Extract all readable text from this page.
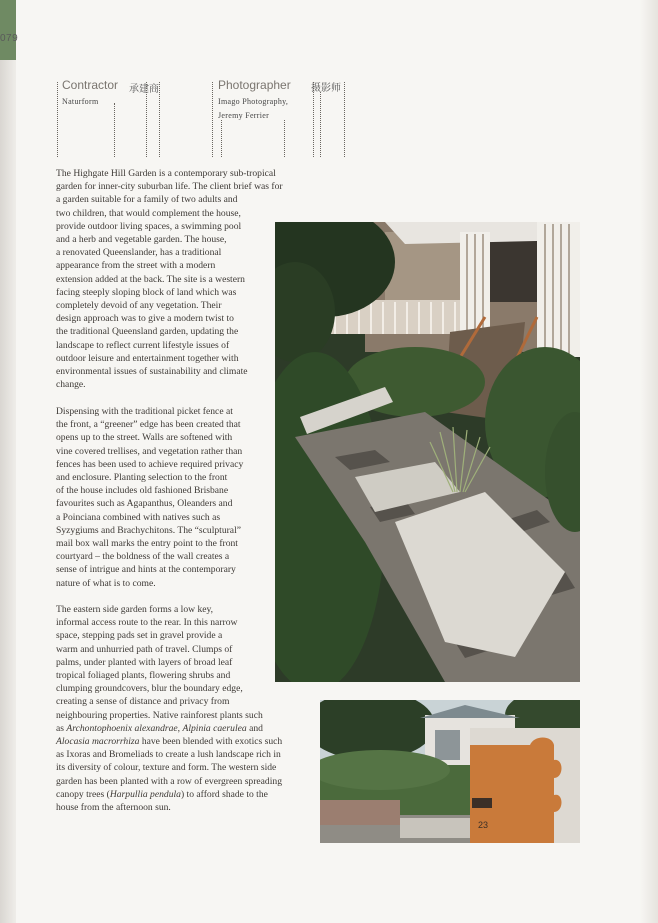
079
Contractor
Naturform
承建商	Photographer
Imago Photography,
Jeremy Ferrier
摄影师

The Highgate Hill Garden is a contemporary sub-tropical

garden for inner-city suburban life. The client brief was for

a garden suitable for a family of two adults and

two children, that would complement the house,

provide outdoor living spaces, a swimming pool

and a herb and vegetable garden. The house,

a renovated Queenslander, has a traditional

appearance from the street with a modern

extension added at the back. The site is a western

facing steeply sloping block of land which was

completely devoid of any vegetation. Their

design approach was to give a modern twist to

the traditional Queensland garden, updating the

landscape to reflect current lifestyle issues of

outdoor leisure and entertainment together with

environmental issues of sustainability and climate

change.

Dispensing with the traditional picket fence at

the front, a “greener” edge has been created that

opens up to the street. Walls are softened with

vine covered trellises, and vegetation rather than

fences has been used to achieve required privacy

and enclosure. Planting selection to the front

of the house includes old fashioned Brisbane

favourites such as Agapanthus, Oleanders and

a Poinciana combined with natives such as

Syzygiums and Brachychitons. The “sculptural”

mail box wall marks the entry point to the front

courtyard – the boldness of the wall creates a

sense of intrigue and hints at the contemporary

nature of what is to come.

The eastern side garden forms a low key,

informal access route to the rear. In this narrow

space, stepping pads set in gravel provide a

warm and unhurried path of travel. Clumps of

palms, under planted with layers of broad leaf

tropical foliaged plants, flowering shrubs and

clumping groundcovers, blur the boundary edge,

creating a sense of distance and privacy from

neighbouring properties. Native rainforest plants such

as Archontophoenix alexandrae, Alpinia caerulea and

Alocasia macrorrhiza have been blended with exotics such

as Ixoras and Bromeliads to create a lush landscape rich in

its diversity of colour, texture and form. The western side

garden has been planted with a row of evergreen spreading

canopy trees (Harpullia pendula) to afford shade to the

house from the afternoon sun.

23
